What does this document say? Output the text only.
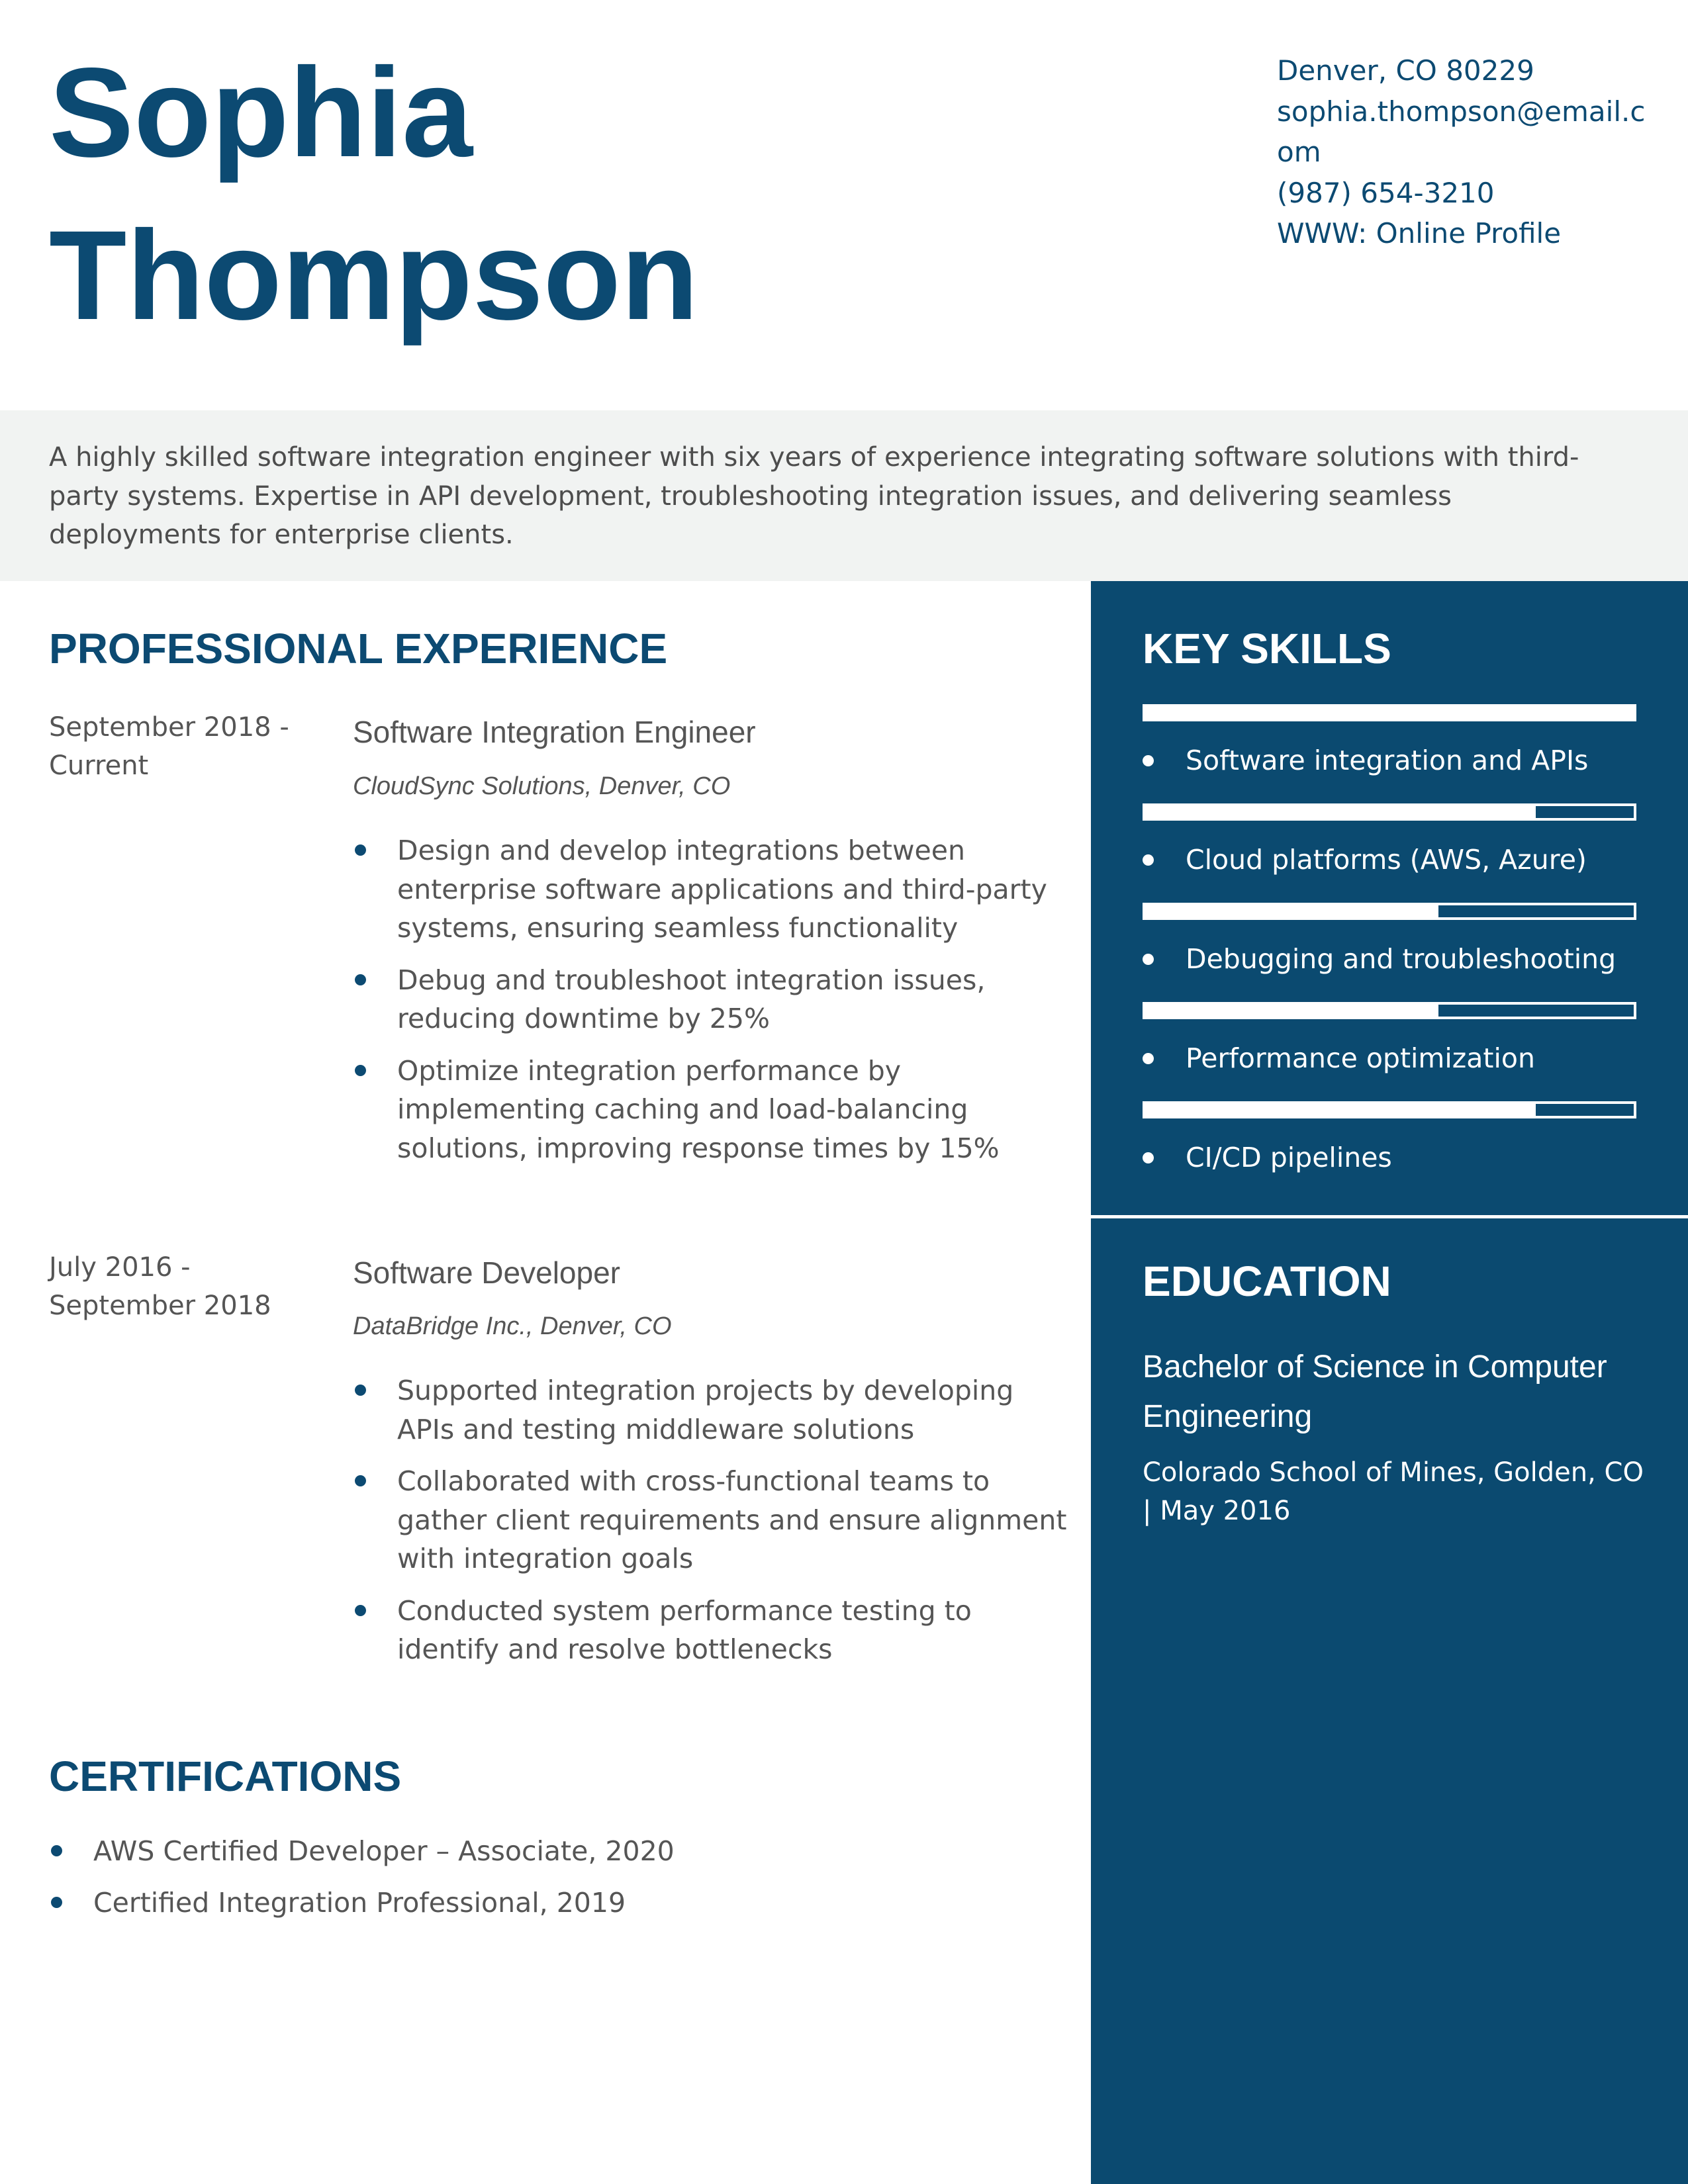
Sophia
Thompson
Denver, CO 80229
sophia.thompson@email.com
(987) 654-3210
WWW: Online Profile

A highly skilled software integration engineer with six years of experience integrating software solutions with third-party systems. Expertise in API development, troubleshooting integration issues, and delivering seamless deployments for enterprise clients.

PROFESSIONAL EXPERIENCE
September 2018 - Current
Software Integration Engineer
CloudSync Solutions, Denver, CO
Design and develop integrations between enterprise software applications and third-party systems, ensuring seamless functionality
Debug and troubleshoot integration issues, reducing downtime by 25%
Optimize integration performance by implementing caching and load-balancing solutions, improving response times by 15%
July 2016 - September 2018
Software Developer
DataBridge Inc., Denver, CO
Supported integration projects by developing APIs and testing middleware solutions
Collaborated with cross-functional teams to gather client requirements and ensure alignment with integration goals
Conducted system performance testing to identify and resolve bottlenecks
CERTIFICATIONS
AWS Certified Developer – Associate, 2020
Certified Integration Professional, 2019
KEY SKILLS
Software integration and APIs
Cloud platforms (AWS, Azure)
Debugging and troubleshooting
Performance optimization
CI/CD pipelines
EDUCATION

Bachelor of Science in Computer Engineering

Colorado School of Mines, Golden, CO | May 2016
